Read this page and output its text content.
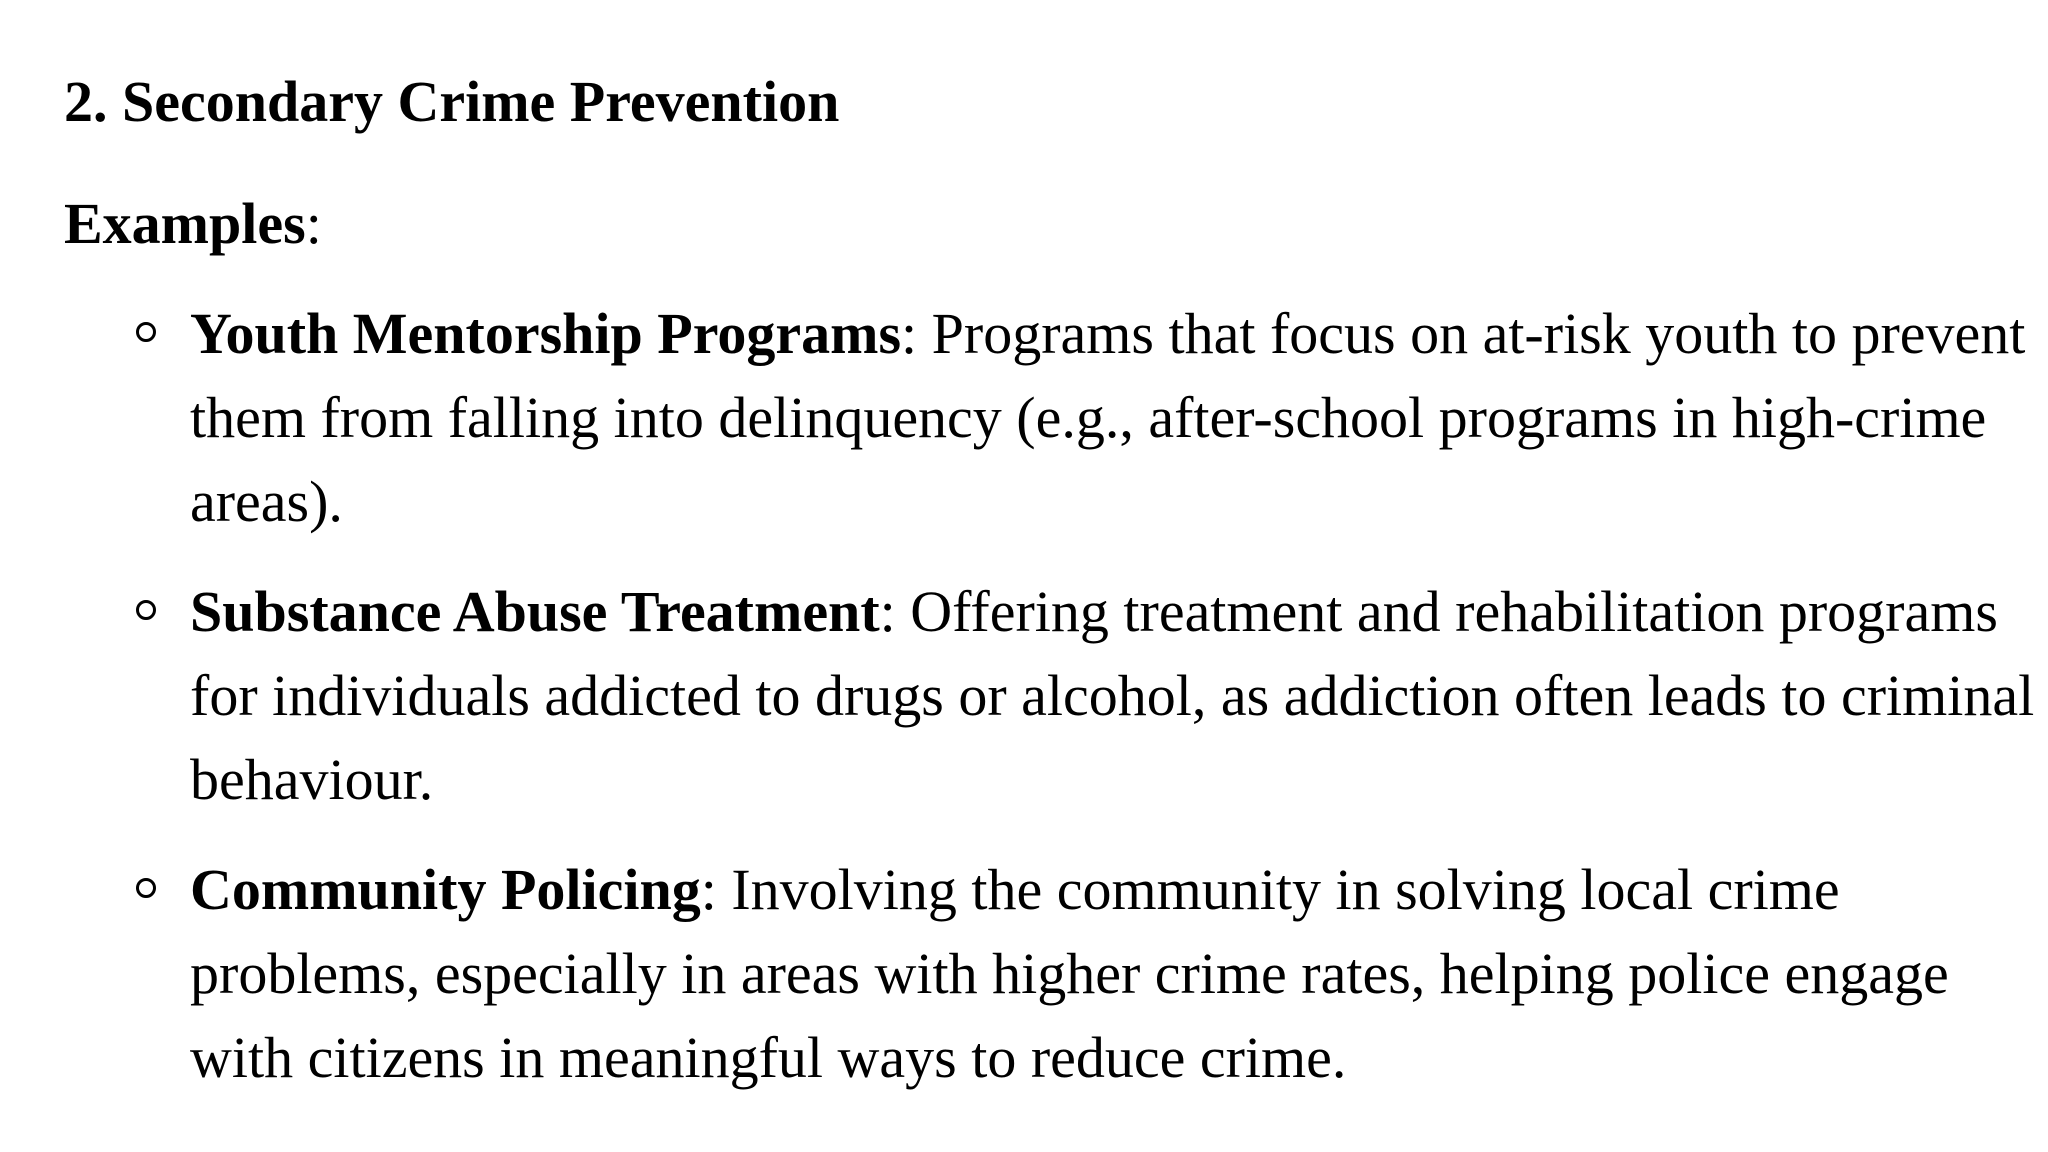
2. Secondary Crime Prevention

Examples:

Youth Mentorship Programs: Programs that focus on at-risk youth to prevent them from falling into delinquency (e.g., after-school programs in high-crime areas).
Substance Abuse Treatment: Offering treatment and rehabilitation programs for individuals addicted to drugs or alcohol, as addiction often leads to criminal behaviour.
Community Policing: Involving the community in solving local crime problems, especially in areas with higher crime rates, helping police engage with citizens in meaningful ways to reduce crime.
